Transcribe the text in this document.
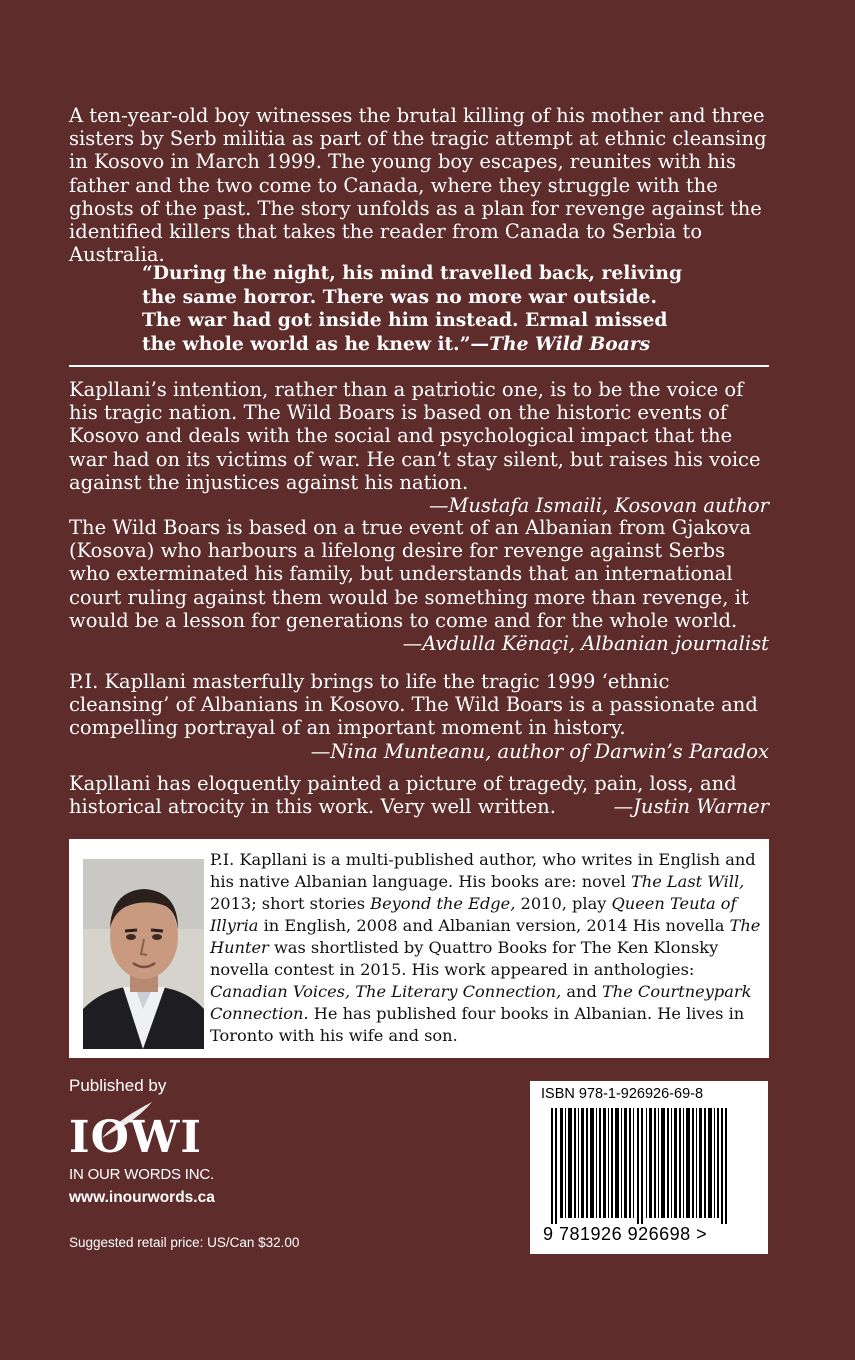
A ten-year-old boy witnesses the brutal killing of his mother and three sisters by Serb militia as part of the tragic attempt at ethnic cleansing in Kosovo in March 1999. The young boy escapes, reunites with his father and the two come to Canada, where they struggle with the ghosts of the past. The story unfolds as a plan for revenge against the identified killers that takes the reader from Canada to Serbia to Australia.

“During the night, his mind travelled back, reliving the same horror. There was no more war outside. The war had got inside him instead. Ermal missed the whole world as he knew it.”—The Wild Boars

Kapllani’s intention, rather than a patriotic one, is to be the voice of his tragic nation. The Wild Boars is based on the historic events of Kosovo and deals with the social and psychological impact that the war had on its victims of war. He can’t stay silent, but raises his voice against the injustices against his nation.
—Mustafa Ismaili, Kosovan author

The Wild Boars is based on a true event of an Albanian from Gjakova (Kosova) who harbours a lifelong desire for revenge against Serbs who exterminated his family, but understands that an international court ruling against them would be something more than revenge, it would be a lesson for generations to come and for the whole world.

—Avdulla Kënaçi, Albanian journalist

P.I. Kapllani masterfully brings to life the tragic 1999 ‘ethnic cleansing’ of Albanians in Kosovo. The Wild Boars is a passionate and compelling portrayal of an important moment in history.

—Nina Munteanu, author of Darwin’s Paradox

Kapllani has eloquently painted a picture of tragedy, pain, loss, and historical atrocity in this work. Very well written.	—Justin Warner

P.I. Kapllani is a multi-published author, who writes in English and his native Albanian language. His books are: novel The Last Will, 2013; short stories Beyond the Edge, 2010, play Queen Teuta of Illyria in English, 2008 and Albanian version, 2014 His novella The Hunter was shortlisted by Quattro Books for The Ken Klonsky novella contest in 2015. His work appeared in anthologies: Canadian Voices, The Literary Connection, and The Courtneypark Connection. He has published four books in Albanian. He lives in Toronto with his wife and son.

Published by

IOWI

IN OUR WORDS INC.

www.inourwords.ca

Suggested retail price: US/Can $32.00
ISBN 978-1-926926-69-8
9 781926 926698 >
